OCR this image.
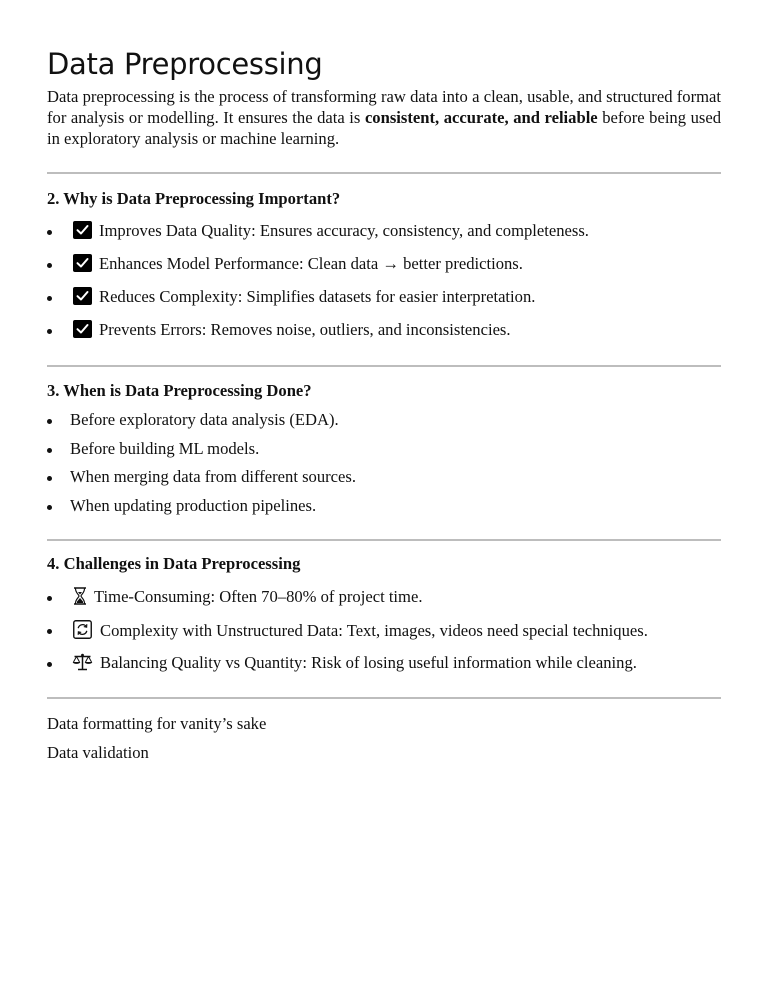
Data Preprocessing

Data preprocessing is the process of transforming raw data into a clean, usable, and structured format for analysis or modelling. It ensures the data is consistent, accurate, and reliable before being used in exploratory analysis or machine learning.

2. Why is Data Preprocessing Important?
Improves Data Quality: Ensures accuracy, consistency, and completeness.
Enhances Model Performance: Clean data → better predictions.
Reduces Complexity: Simplifies datasets for easier interpretation.
Prevents Errors: Removes noise, outliers, and inconsistencies.
3. When is Data Preprocessing Done?
Before exploratory data analysis (EDA).
Before building ML models.
When merging data from different sources.
When updating production pipelines.
4. Challenges in Data Preprocessing
Time-Consuming: Often 70–80% of project time.
Complexity with Unstructured Data: Text, images, videos need special techniques.
Balancing Quality vs Quantity: Risk of losing useful information while cleaning.

Data formatting for vanity’s sake

Data validation
